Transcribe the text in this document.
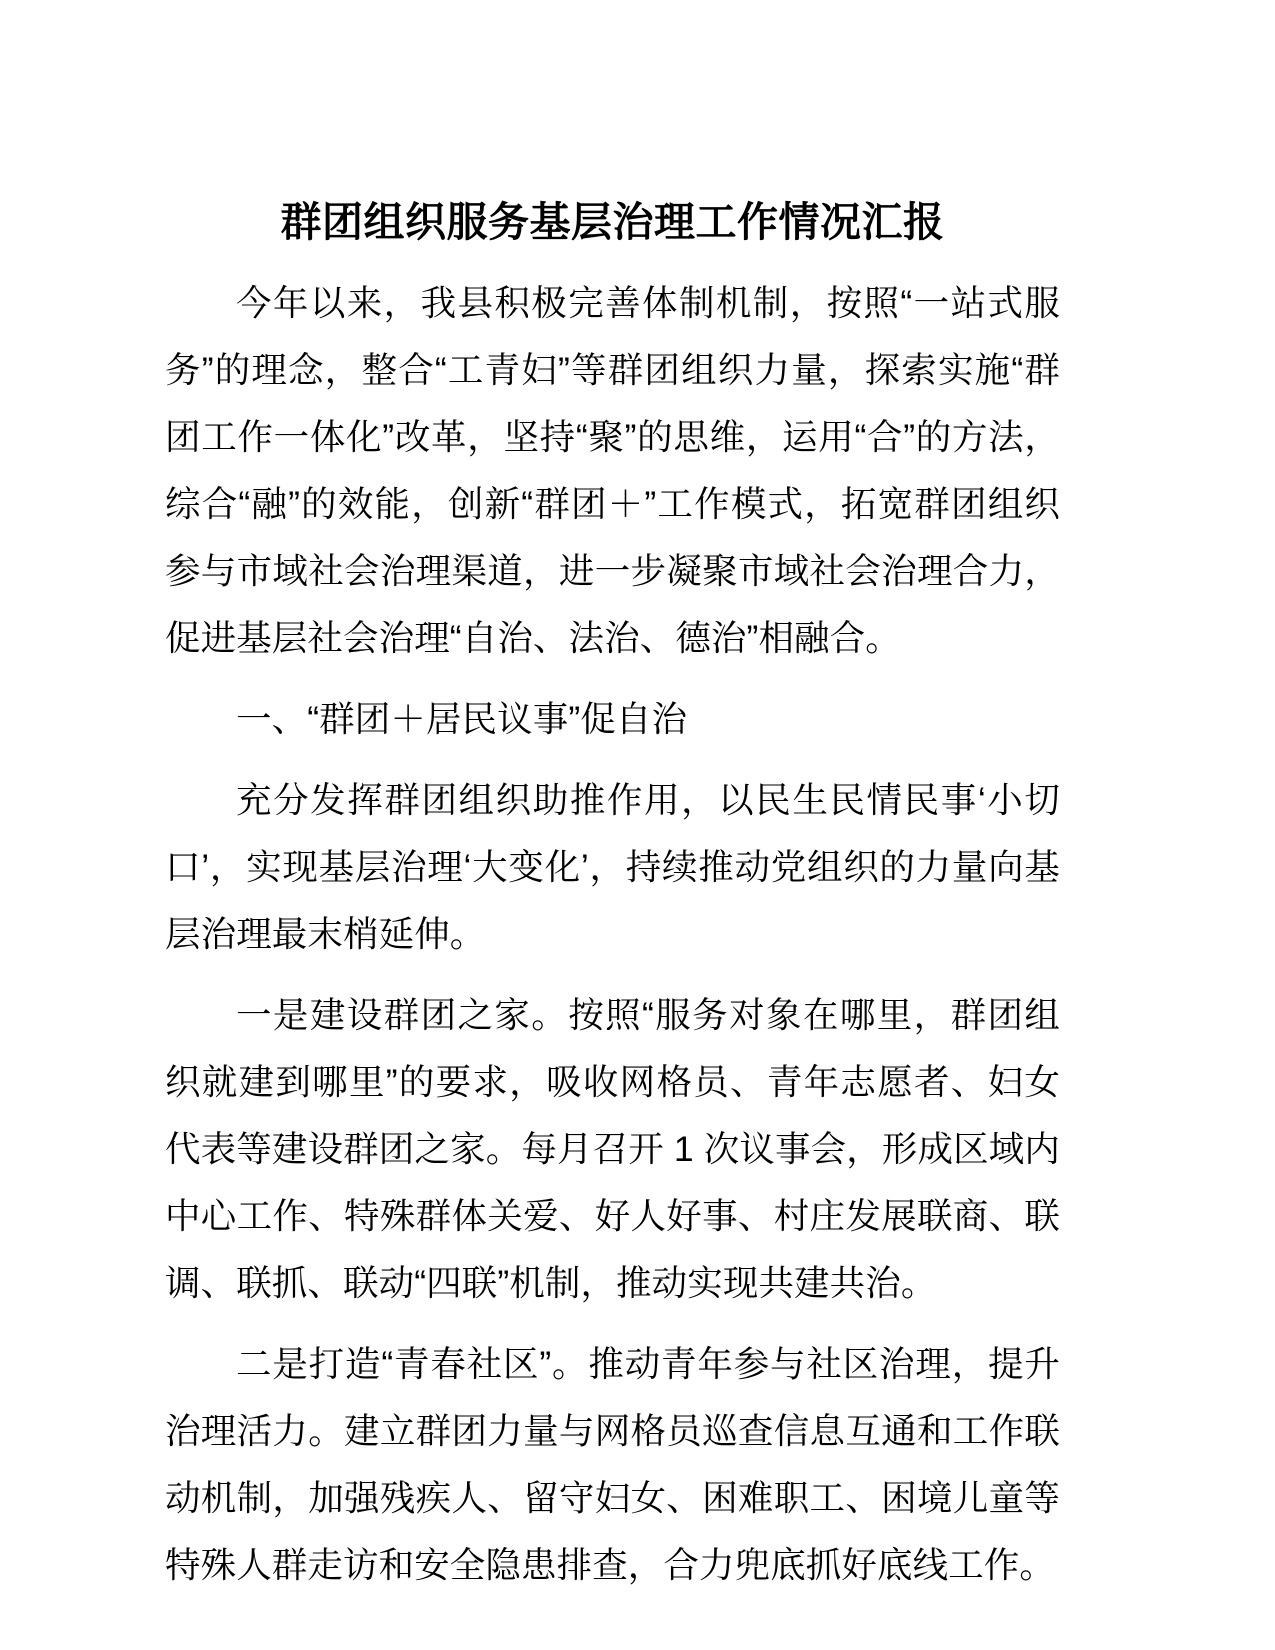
群团组织服务基层治理工作情况汇报

今年以来，我县积极完善体制机制，按照“一站式服务”的理念，整合“工青妇”等群团组织力量，探索实施“群团工作一体化”改革，坚持“聚”的思维，运用“合”的方法，综合“融”的效能，创新“群团＋”工作模式，拓宽群团组织参与市域社会治理渠道，进一步凝聚市域社会治理合力，促进基层社会治理“自治、法治、德治”相融合。

一、“群团＋居民议事”促自治

充分发挥群团组织助推作用，以民生民情民事‘小切口’，实现基层治理‘大变化’，持续推动党组织的力量向基层治理最末梢延伸。

一是建设群团之家。按照“服务对象在哪里，群团组织就建到哪里”的要求，吸收网格员、青年志愿者、妇女代表等建设群团之家。每月召开 1 次议事会，形成区域内中心工作、特殊群体关爱、好人好事、村庄发展联商、联调、联抓、联动“四联”机制，推动实现共建共治。

二是打造“青春社区”。推动青年参与社区治理，提升治理活力。建立群团力量与网格员巡查信息互通和工作联动机制，加强残疾人、留守妇女、困难职工、困境儿童等特殊人群走访和安全隐患排查，合力兜底抓好底线工作。
